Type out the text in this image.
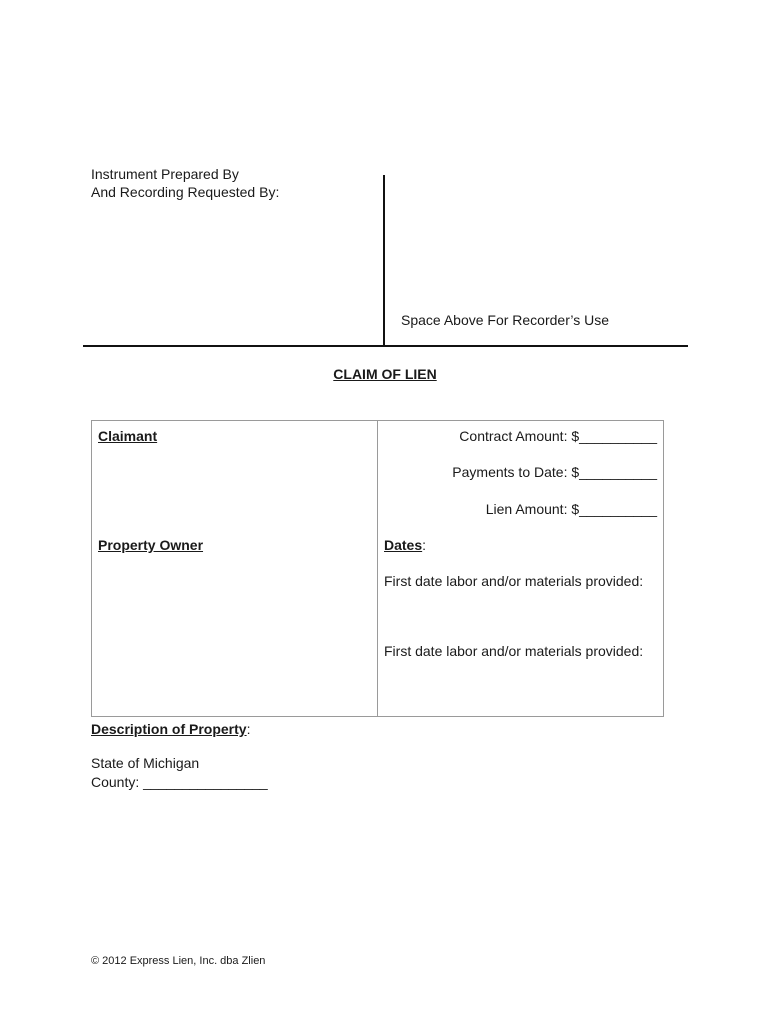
Instrument Prepared By
And Recording Requested By:
Space Above For Recorder’s Use
CLAIM OF LIEN
Claimant
Property Owner
Contract Amount: $__________
Payments to Date: $__________
Lien Amount: $__________
Dates:
First date labor and/or materials provided:
First date labor and/or materials provided:
Description of Property:
State of Michigan
County: ________________
© 2012 Express Lien, Inc. dba Zlien
